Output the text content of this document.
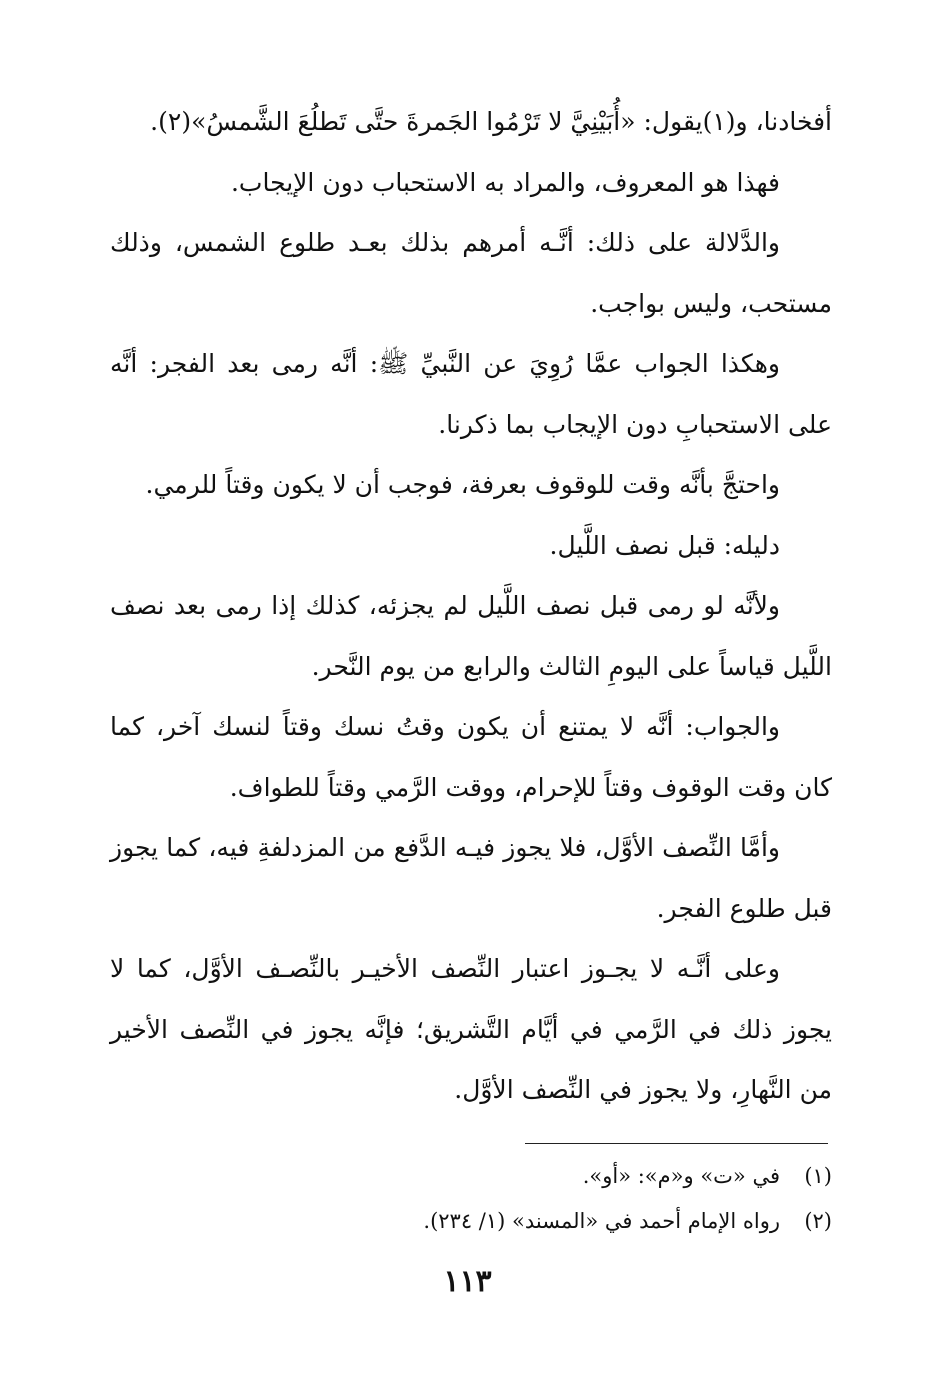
أفخادنا، و(١)يقول: «أُبَيْنِيَّ لا تَرْمُوا الجَمرةَ حتَّى تَطلُعَ الشَّمسُ»(٢).

فهذا هو المعروف، والمراد به الاستحباب دون الإيجاب.

والدَّلالة على ذلك: أنَّـه أمرهم بذلك بعـد طلوع الشمس، وذلك مستحب، وليس بواجب.

وهكذا الجواب عمَّا رُوِيَ عن النَّبيِّ ﷺ: أنَّه رمى بعد الفجر: أنَّه على الاستحبابِ دون الإيجاب بما ذكرنا.

واحتجَّ بأنَّه وقت للوقوف بعرفة، فوجب أن لا يكون وقتاً للرمي.

دليله: قبل نصف اللَّيل.

ولأنَّه لو رمى قبل نصف اللَّيل لم يجزئه، كذلك إذا رمى بعد نصف اللَّيل قياساً على اليومِ الثالث والرابع من يوم النَّحر.

والجواب: أنَّه لا يمتنع أن يكون وقتُ نسك وقتاً لنسك آخر، كما كان وقت الوقوف وقتاً للإحرام، ووقت الرَّمي وقتاً للطواف.

وأمَّا النِّصف الأوَّل، فلا يجوز فيـه الدَّفع من المزدلفةِ فيه، كما يجوز قبل طلوع الفجر.

وعلى أنَّـه لا يجـوز اعتبار النِّصف الأخيـر بالنِّصـف الأوَّل، كما لا يجوز ذلك في الرَّمي في أيَّام التَّشريق؛ فإنَّه يجوز في النِّصف الأخير من النَّهارِ، ولا يجوز في النِّصف الأوَّل.

(١)
في «ت» و«م»: «أو».
(٢)
رواه الإمام أحمد في «المسند» (١/ ٢٣٤).
١١٣
